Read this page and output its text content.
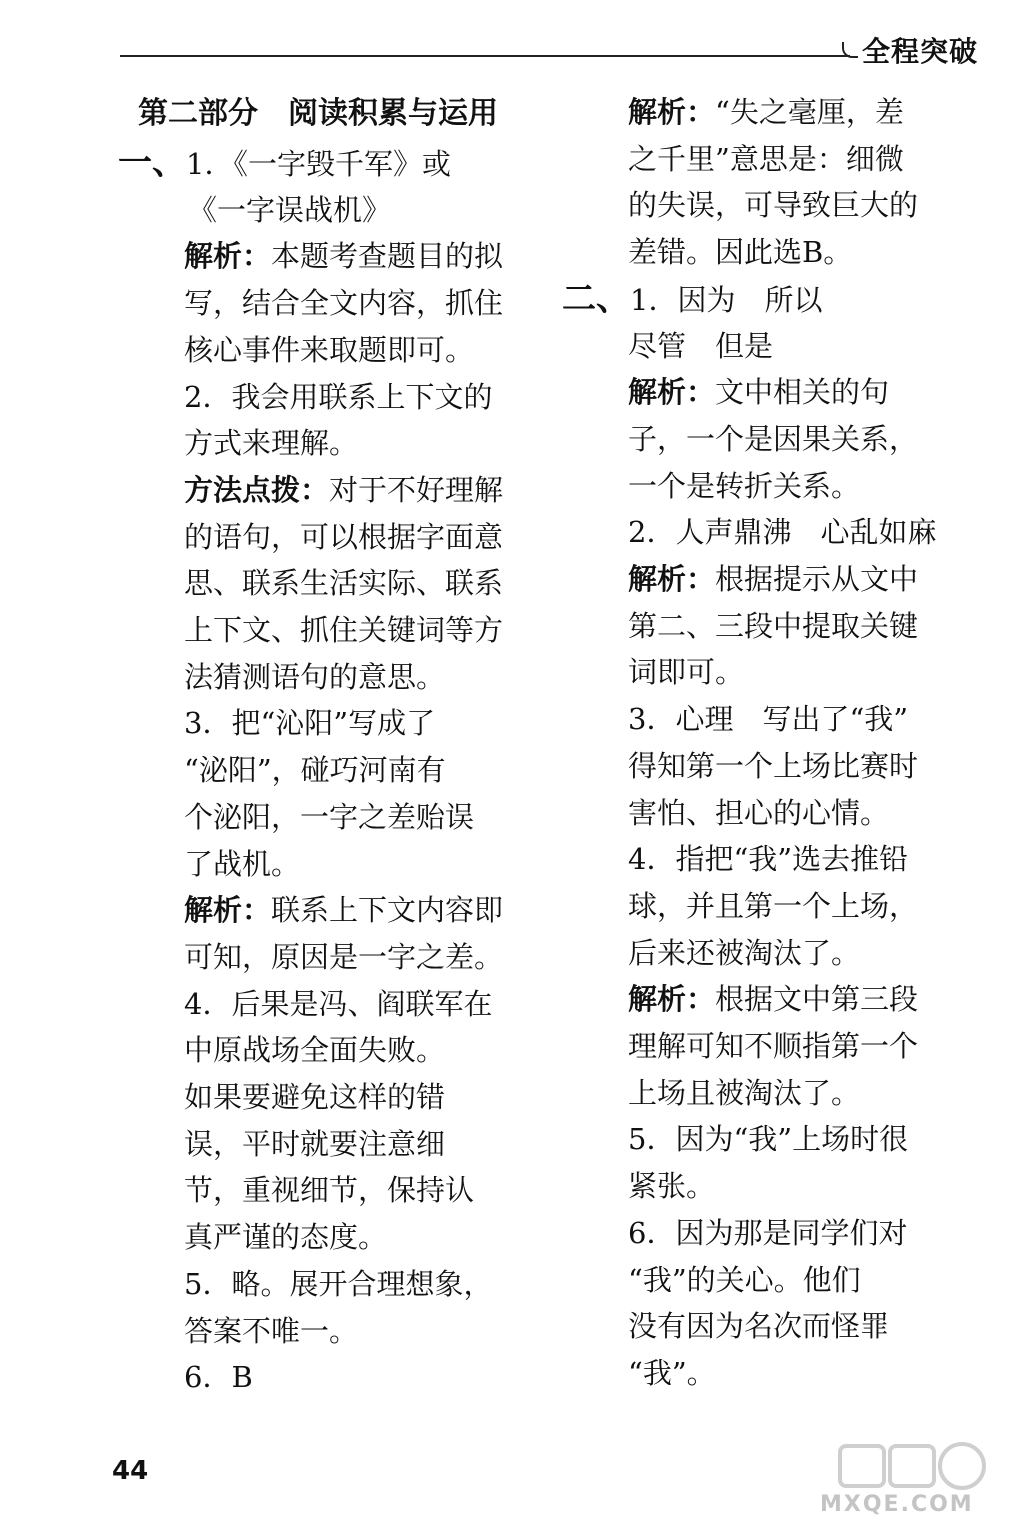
全程突破
第二部分　阅读积累与运用
一、1．《一字毁千军》或
《一字误战机》
解析：本题考查题目的拟
写，结合全文内容，抓住
核心事件来取题即可。
2．我会用联系上下文的
方式来理解。
方法点拨：对于不好理解
的语句，可以根据字面意
思、联系生活实际、联系
上下文、抓住关键词等方
法猜测语句的意思。
3．把“沁阳”写成了
“泌阳”，碰巧河南有
个泌阳，一字之差贻误
了战机。
解析：联系上下文内容即
可知，原因是一字之差。
4．后果是冯、阎联军在
中原战场全面失败。
如果要避免这样的错
误，平时就要注意细
节，重视细节，保持认
真严谨的态度。
5．略。展开合理想象，
答案不唯一。
6．B
解析：“失之毫厘，差
之千里”意思是：细微
的失误，可导致巨大的
差错。因此选B。
二、1．因为　所以
尽管　但是
解析：文中相关的句
子，一个是因果关系，
一个是转折关系。
2．人声鼎沸　心乱如麻
解析：根据提示从文中
第二、三段中提取关键
词即可。
3．心理　写出了“我”
得知第一个上场比赛时
害怕、担心的心情。
4．指把“我”选去推铅
球，并且第一个上场，
后来还被淘汰了。
解析：根据文中第三段
理解可知不顺指第一个
上场且被淘汰了。
5．因为“我”上场时很
紧张。
6．因为那是同学们对
“我”的关心。他们
没有因为名次而怪罪
“我”。
44
MXQE.COM
